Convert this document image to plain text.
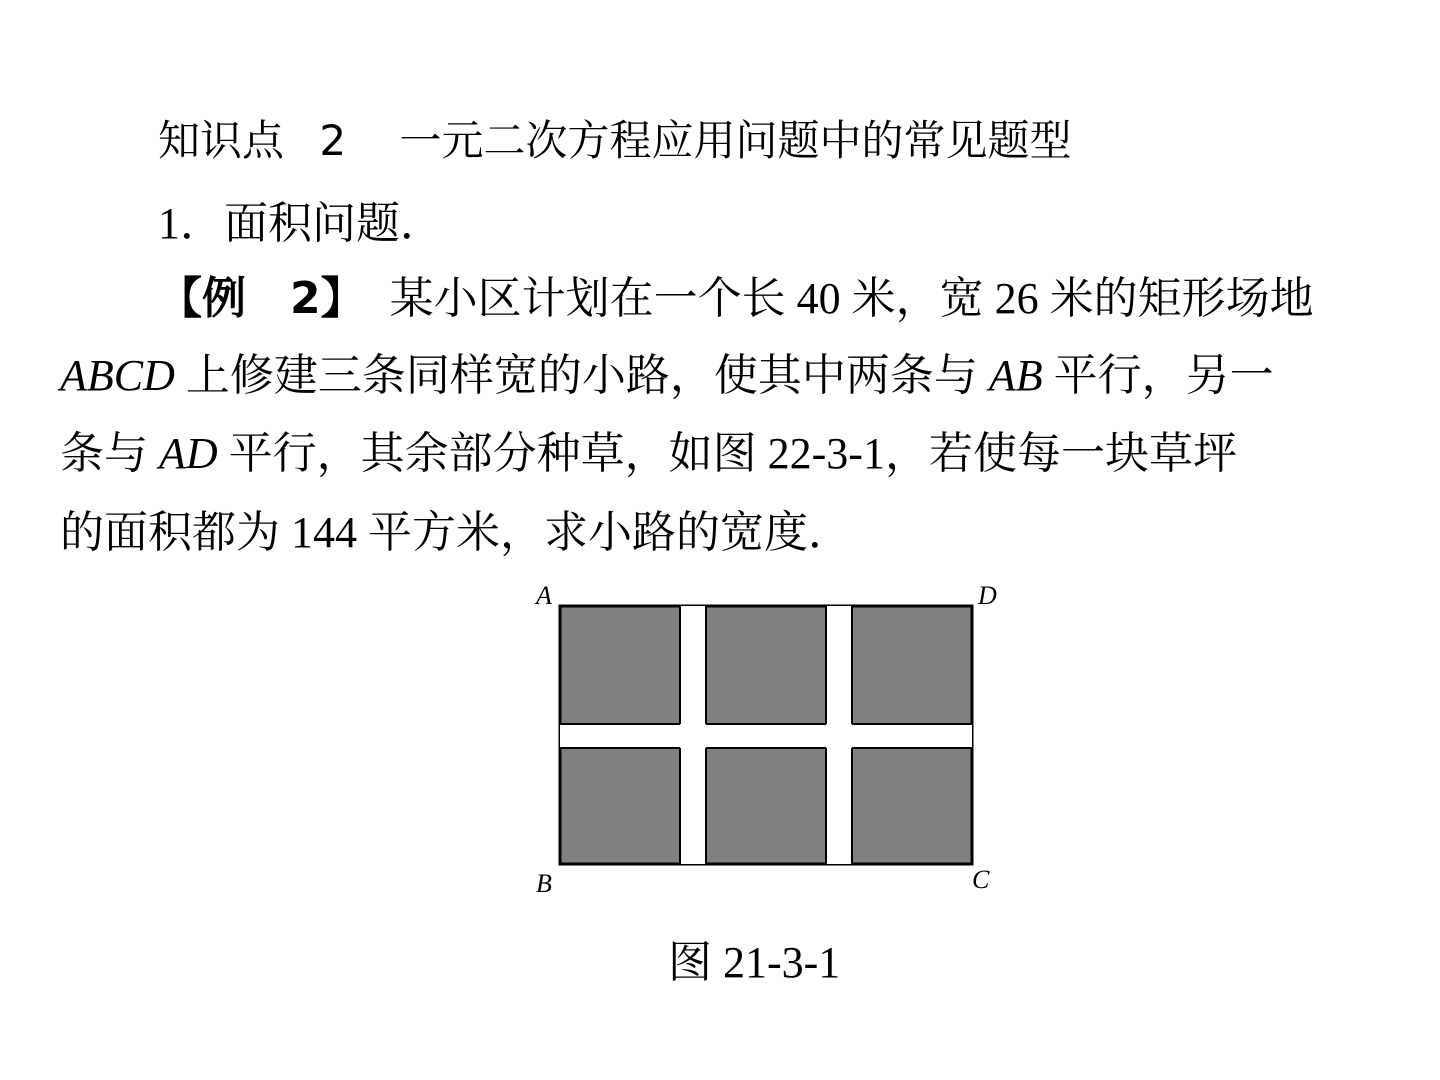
知识点 2 一元二次方程应用问题中的常见题型
1．面积问题．
【例　2】 某小区计划在一个长 40 米，宽 26 米的矩形场地
ABCD 上修建三条同样宽的小路，使其中两条与 AB 平行，另一
条与 AD 平行，其余部分种草，如图 22-3-1，若使每一块草坪
的面积都为 144 平方米，求小路的宽度．
A	D
B	C
图 21-3-1
